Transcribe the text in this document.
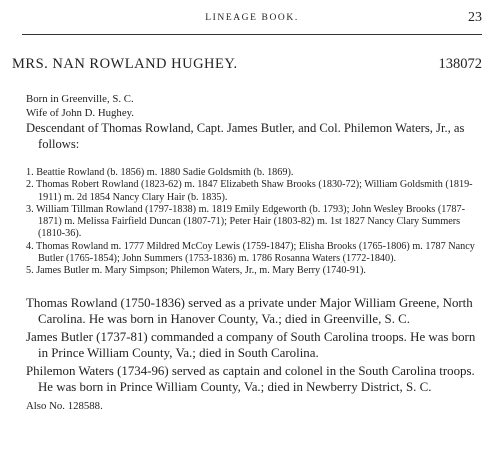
LINEAGE BOOK.	23
MRS. NAN ROWLAND HUGHEY.	138072
Born in Greenville, S. C.
Wife of John D. Hughey.
Descendant of Thomas Rowland, Capt. James Butler, and Col. Philemon Waters, Jr., as follows:

1. Beattie Rowland (b. 1856) m. 1880 Sadie Goldsmith (b. 1869).

2. Thomas Robert Rowland (1823-62) m. 1847 Elizabeth Shaw Brooks (1830-72); William Goldsmith (1819-1911) m. 2d 1854 Nancy Clary Hair (b. 1835).

3. William Tillman Rowland (1797-1838) m. 1819 Emily Edgeworth (b. 1793); John Wesley Brooks (1787-1871) m. Melissa Fairfield Duncan (1807-71); Peter Hair (1803-82) m. 1st 1827 Nancy Clary Summers (1810-36).

4. Thomas Rowland m. 1777 Mildred McCoy Lewis (1759-1847); Elisha Brooks (1765-1806) m. 1787 Nancy Butler (1765-1854); John Summers (1753-1836) m. 1786 Rosanna Waters (1772-1840).

5. James Butler m. Mary Simpson; Philemon Waters, Jr., m. Mary Berry (1740-91).

Thomas Rowland (1750-1836) served as a private under Major William Greene, North Carolina. He was born in Hanover County, Va.; died in Greenville, S. C.

James Butler (1737-81) commanded a company of South Carolina troops. He was born in Prince William County, Va.; died in South Carolina.

Philemon Waters (1734-96) served as captain and colonel in the South Carolina troops. He was born in Prince William County, Va.; died in Newberry District, S. C.

Also No. 128588.
